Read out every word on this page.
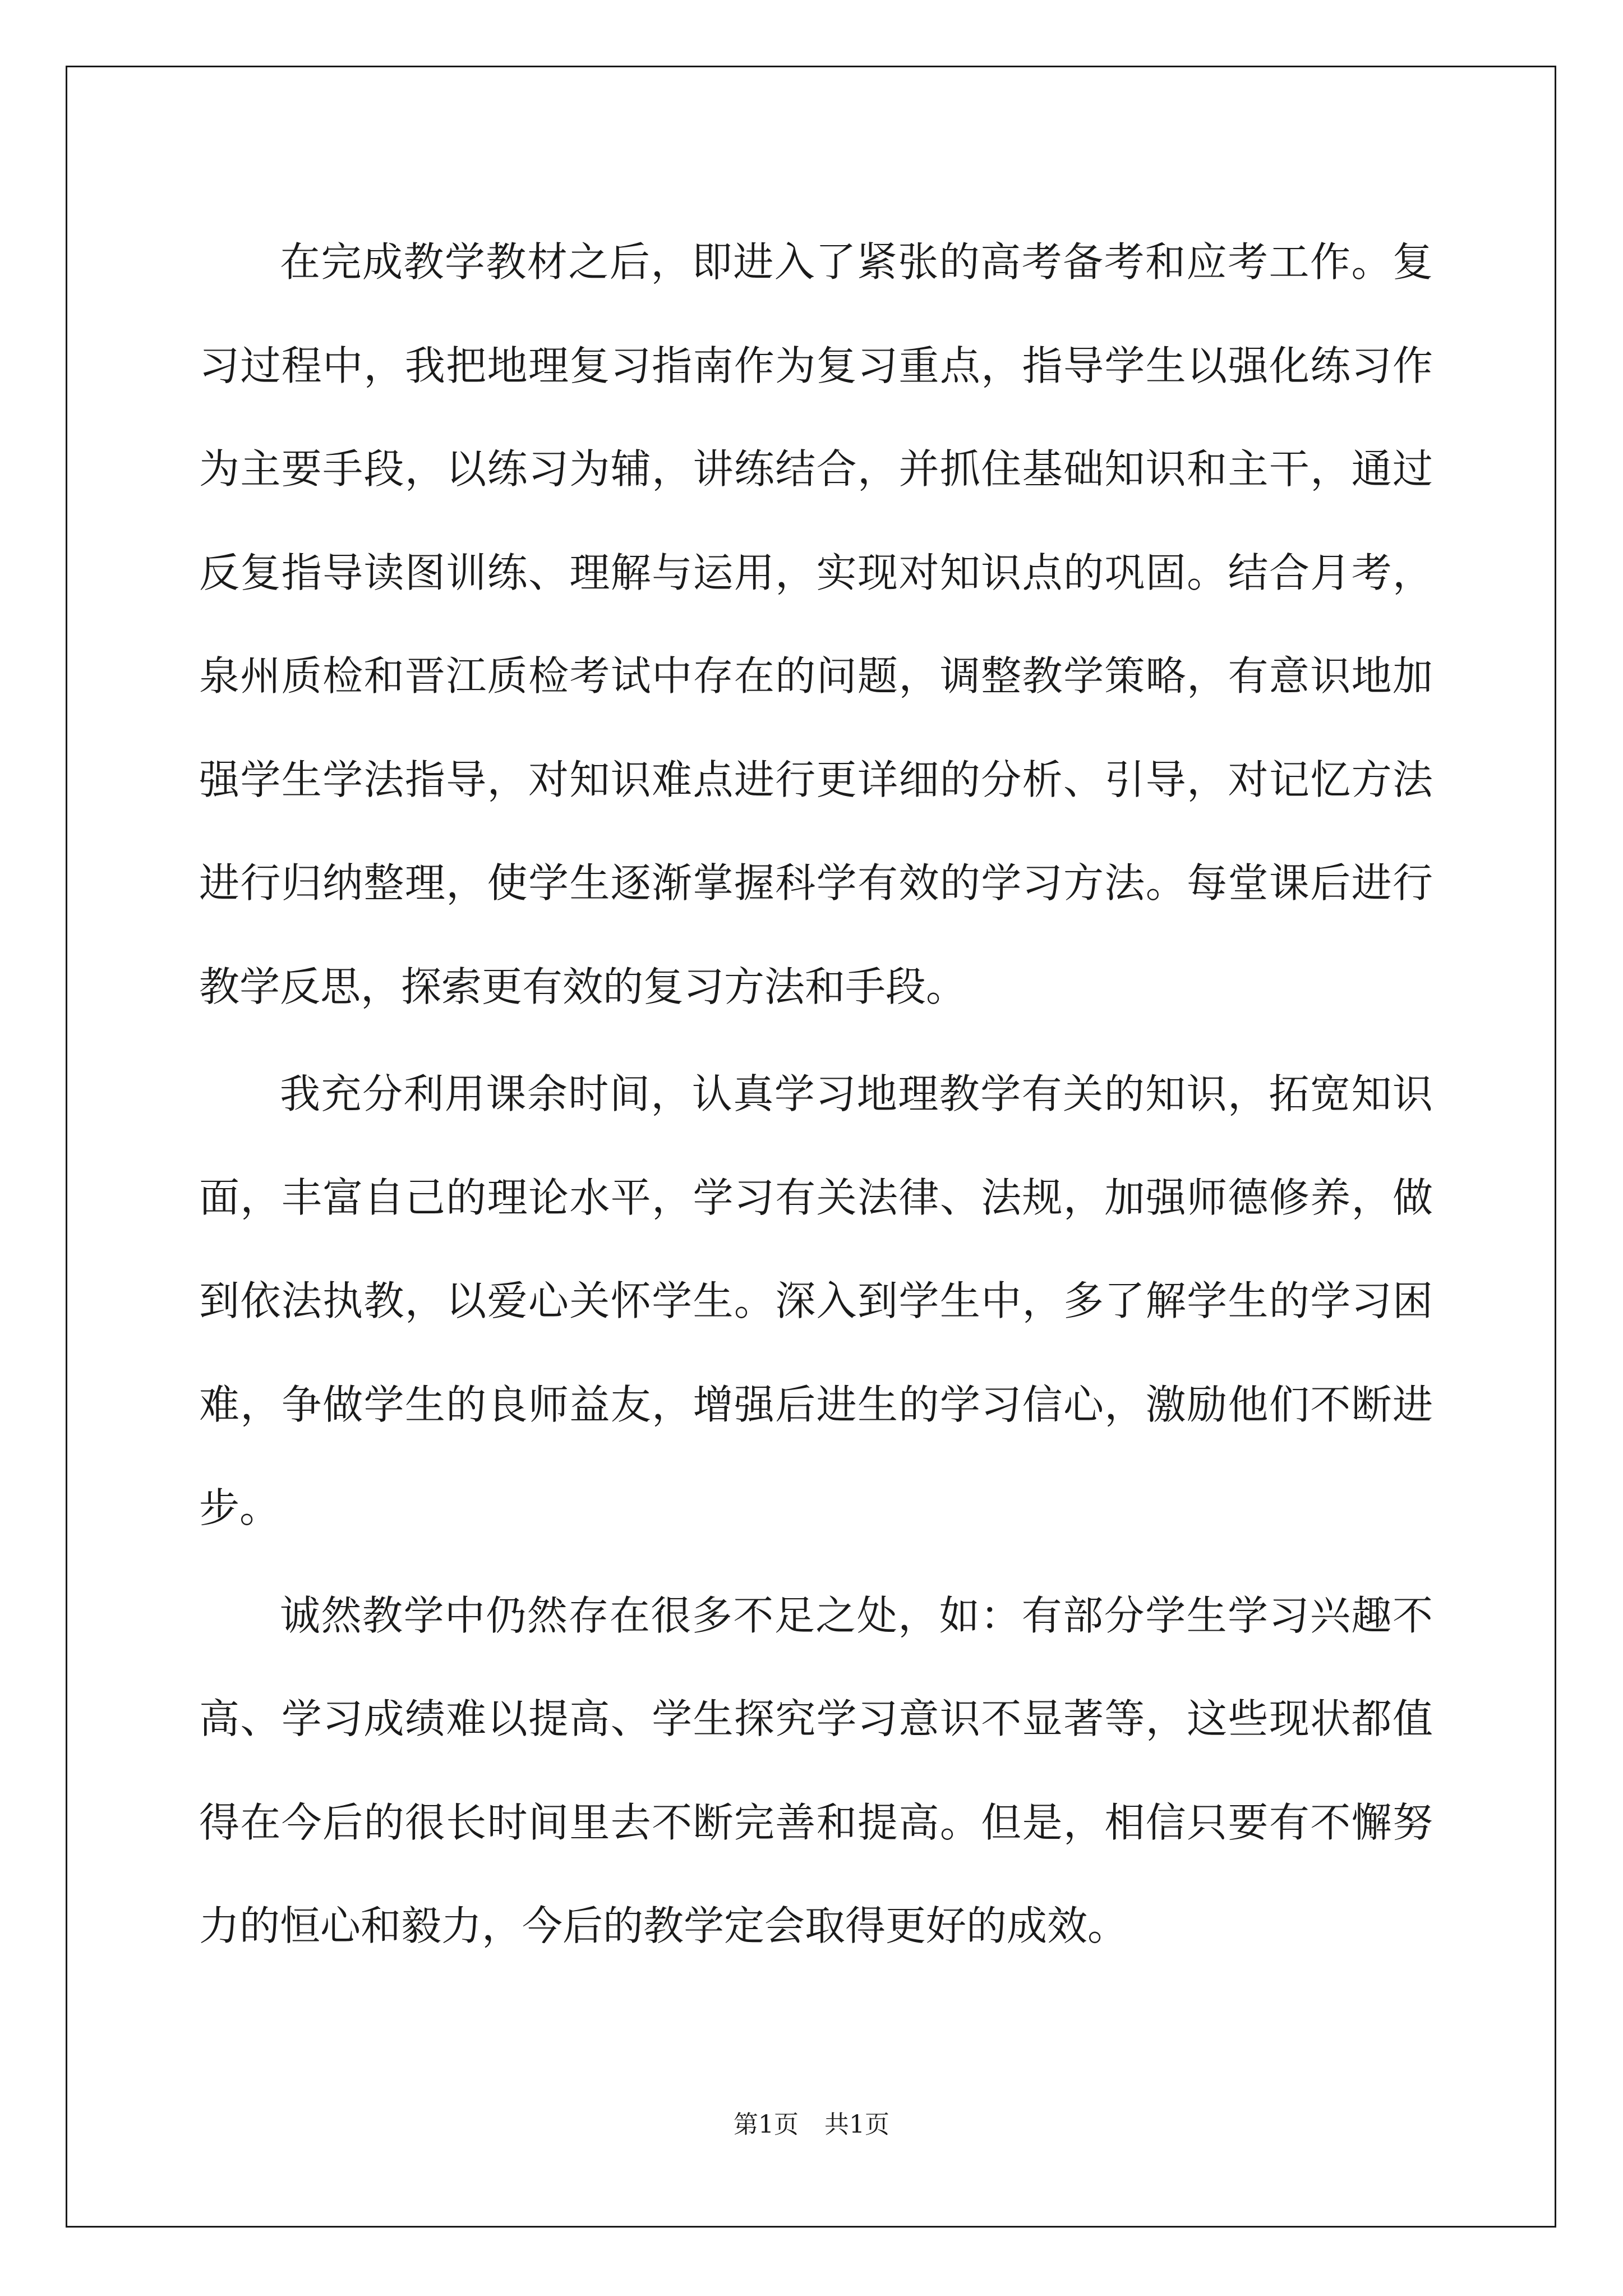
在完成教学教材之后，即进入了紧张的高考备考和应考工作。复习过程中，我把地理复习指南作为复习重点，指导学生以强化练习作为主要手段，以练习为辅，讲练结合，并抓住基础知识和主干，通过反复指导读图训练、理解与运用，实现对知识点的巩固。结合月考，泉州质检和晋江质检考试中存在的问题，调整教学策略，有意识地加强学生学法指导，对知识难点进行更详细的分析、引导，对记忆方法进行归纳整理，使学生逐渐掌握科学有效的学习方法。每堂课后进行教学反思，探索更有效的复习方法和手段。

我充分利用课余时间，认真学习地理教学有关的知识，拓宽知识面，丰富自己的理论水平，学习有关法律、法规，加强师德修养，做到依法执教，以爱心关怀学生。深入到学生中，多了解学生的学习困难，争做学生的良师益友，增强后进生的学习信心，激励他们不断进步。

诚然教学中仍然存在很多不足之处，如：有部分学生学习兴趣不高、学习成绩难以提高、学生探究学习意识不显著等，这些现状都值得在今后的很长时间里去不断完善和提高。但是，相信只要有不懈努力的恒心和毅力，今后的教学定会取得更好的成效。

第1页 共1页
